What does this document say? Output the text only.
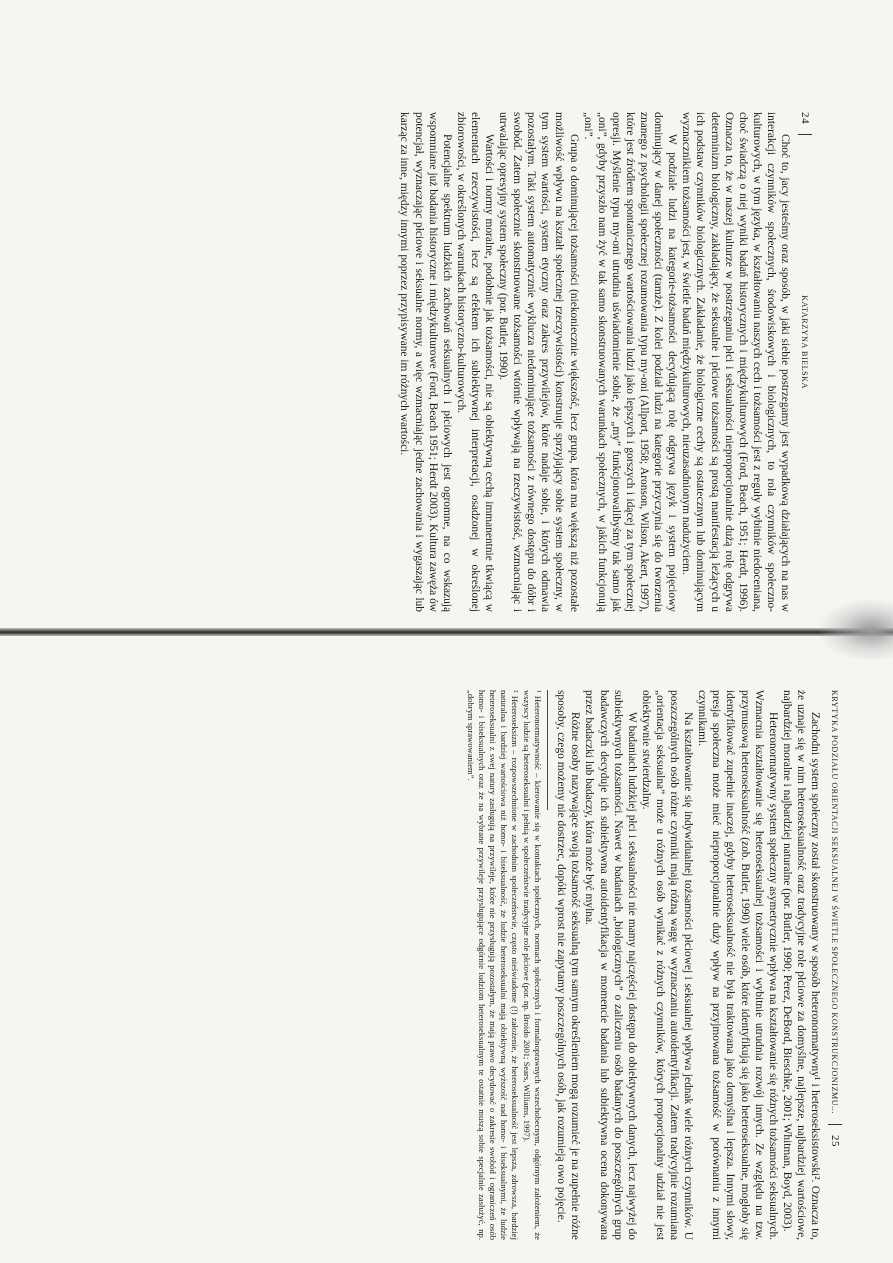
24
KATARZYNA BIELSKA

Choć to, jacy jesteśmy oraz sposób, w jaki siebie postrzegamy jest wypadkową działających na nas w interakcji czynników społecznych, środowiskowych i biologicznych, to rola czynników społeczno-kulturowych, w tym języka, w kształtowaniu naszych cech i tożsamości jest z reguły wybitnie niedoceniana, choć świadczą o niej wyniki badań historycznych i międzykulturowych (Ford, Beach, 1951; Herdt, 1996). Oznacza to, że w naszej kulturze w postrzeganiu płci i seksualności nieproporcjonalnie dużą rolę odgrywa determinizm biologiczny, zakładający, że seksualne i płciowe tożsamości są prostą manifestacją leżących u ich podstaw czynników biologicznych. Zakładanie, że biologiczne cechy są ostatecznym lub dominującym wyznacznikiem tożsamości jest, w świetle badań międzykulturowych, nieuzasadnionym nadużyciem.

W podziale ludzi na kategorie-tożsamości decydującą rolę odgrywa język i system pojęciowy dominujący w danej społeczności (tamże). Z kolei podział ludzi na kategorie przyczynia się do tworzenia znanego z psychologii społecznej rozumowania typu my-oni (Allport, 1958; Aronson, Wilson, Akert, 1997), które jest źródłem spontanicznego wartościowania ludzi jako lepszych i gorszych i idącej za tym społecznej opresji. Myślenie typu my-oni utrudnia uświadomienie sobie, że „my” funkcjonowalibyśmy tak samo jak „oni”, gdyby przyszło nam żyć w tak samo skonstruowanych warunkach społecznych, w jakich funkcjonują „oni”.

Grupa o dominującej tożsamości (niekoniecznie większość, lecz grupa, która ma większą niż pozostałe możliwość wpływu na kształt społecznej rzeczywistości) konstruuje sprzyjający sobie system społeczny, w tym system wartości, system etyczny oraz zakres przywilejów, które nadaje sobie, i których odmawia pozostałym. Taki system automatycznie wyklucza niedominujące tożsamości z równego dostępu do dóbr i swobód. Zatem społecznie skonstruowane tożsamości wtórnie wpływają na rzeczywistość, wzmacniając i utrwalając opresyjny system społeczny (por. Butler, 1990).

Wartości i normy moralne, podobnie jak tożsamości, nie są obiektywną cechą immanentnie tkwiącą w elementach rzeczywistości, lecz są efektem ich subiektywnej interpretacji, osadzonej w określonej zbiorowości, w określonych warunkach historyczno-kulturowych.

Potencjalne spektrum ludzkich zachowań seksualnych i płciowych jest ogromne, na co wskazują wspomniane już badania historyczne i międzykulturowe (Ford, Beach 1951; Herdt 2003). Kultura zawęża ów potencjał, wyznaczając płciowe i seksualne normy, a więc wzmacniając jedne zachowania i wygaszając lub karząc za inne, między innymi poprzez przypisywane im różnych wartości.

KRYTYKA PODZIAŁU ORIENTACJI SEKSUALNEJ W ŚWIETLE SPOŁECZNEGO KONSTRUKCJONIZMU...
25

Zachodni system społeczny został skonstruowany w sposób heteronormatywny¹ i heteroseksistowski². Oznacza to, że uznaje się w nim heteroseksualność oraz tradycyjne role płciowe za domyślne, najlepsze, najbardziej wartościowe, najbardziej moralne i najbardziej naturalne (por. Butler, 1990; Perez, DeBord, Bieschke, 2001; Whitman, Boyd, 2003).

Heteronormatywny system społeczny asymetrycznie wpływa na kształtowanie się różnych tożsamości seksualnych. Wzmacnia kształtowanie się heteroseksualnej tożsamości i wybitnie utrudnia rozwój innych. Ze względu na tzw. przymusową heteroseksualność (zob. Butler, 1990) wiele osób, które identyfikują się jako heteroseksualne, mogłoby się identyfikować zupełnie inaczej, gdyby heteroseksualność nie była traktowana jako domyślna i lepsza. Innymi słowy, presja społeczna może mieć nieproporcjonalnie duży wpływ na przyjmowana tożsamość w porównaniu z innymi czynnikami.

Na kształtowanie się indywidualnej tożsamości płciowej i seksualnej wpływa jednak wiele różnych czynników. U poszczególnych osób różne czynniki mają różną wagę w wyznaczaniu autoidentyfikacji. Zatem tradycyjnie rozumiana „orientacja seksualna” może u różnych osób wynikać z różnych czynników, których proporcjonalny udział nie jest obiektywnie stwierdzalny.

W badaniach ludzkiej płci i seksualności nie mamy najczęściej dostępu do obiektywnych danych, lecz najwyżej do subiektywnych tożsamości. Nawet w badaniach „biologicznych” o zaliczeniu osób badanych do poszczególnych grup badawczych decyduje ich subiektywna autoidentyfikacja w momencie badania lub subiektywna ocena dokonywana przez badaczki lub badaczy, która może być mylna.

Różne osoby nazywające swoją tożsamość seksualną tym samym określeniem mogą rozumieć je na zupełnie różne sposoby, czego możemy nie dostrzec, dopóki wprost nie zapytamy poszczególnych osób, jak rozumieją owo pojęcie.

¹ Heteronormatywność – kierowanie się w kontaktach społecznych, normach społecznych i formalnoprawnych wszechobecnym, odgórnym założeniem, że wszyscy ludzie są heteroseksualni i pełnią w społeczeństwie tradycyjne role płciowe (por. np. Broido 2001; Sears, Williams, 1997).

² Heteroseksizm – rozpowszechnione w zachodnim społeczeństwie, często nieświadome (!) założenie, że heteroseksualność jest lepsza, zdrowsza, bardziej naturalna i bardziej wartościowa niż homo- i biseksualność, że ludzie heteroseksualni mają obiektywną wyższość nad homo- i biseksualnymi, że ludzie heteroseksualni z swej natury zasługują na przywileje, które nie przysługują pozostałym, że mają prawo decydować o zakresie swobód i ograniczeń osób homo- i biseksualnych oraz że na wybrane przywileje przysługujące odgórnie ludziom heteroseksualnym te ostatnie muszą sobie specjalnie zasłużyć, np. „dobrym sprawowaniem”.
